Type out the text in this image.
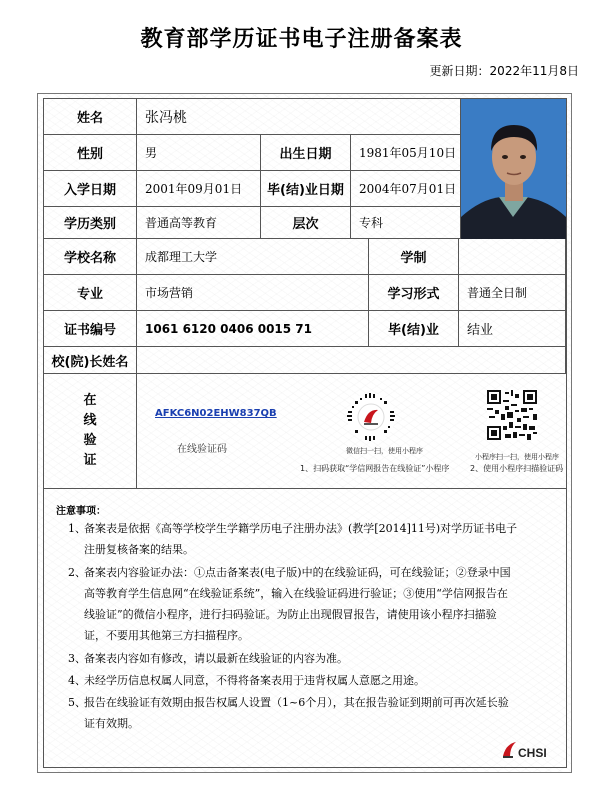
教育部学历证书电子注册备案表
更新日期：2022年11月8日
姓名	张冯桃
性别	男	出生日期	1981年05月10日
入学日期	2001年09月01日	毕(结)业日期	2004年07月01日
学历类别	普通高等教育	层次	专科
学校名称	成都理工大学	学制
专业	市场营销	学习形式	普通全日制
证书编号	1061 6120 0406 0015 71	毕(结)业	结业
校(院)长姓名
在
线
验
证
AFKC6N02EHW837QB
在线验证码	微信扫一扫，使用小程序
1、扫码获取“学信网报告在线验证”小程序
小程序扫一扫，使用小程序
2、使用小程序扫描验证码
注意事项：
1、
备案表是依据《高等学校学生学籍学历电子注册办法》(教学[2014]11号)对学历证书电子注册复核备案的结果。
2、
备案表内容验证办法：①点击备案表(电子版)中的在线验证码，可在线验证；②登录中国高等教育学生信息网“在线验证系统”，输入在线验证码进行验证；③使用“学信网报告在线验证”的微信小程序，进行扫码验证。为防止出现假冒报告，请使用该小程序扫描验证，不要用其他第三方扫描程序。
3、
备案表内容如有修改，请以最新在线验证的内容为准。
4、
未经学历信息权属人同意，不得将备案表用于违背权属人意愿之用途。
5、
报告在线验证有效期由报告权属人设置（1~6个月），其在报告验证到期前可再次延长验证有效期。
CHSI
